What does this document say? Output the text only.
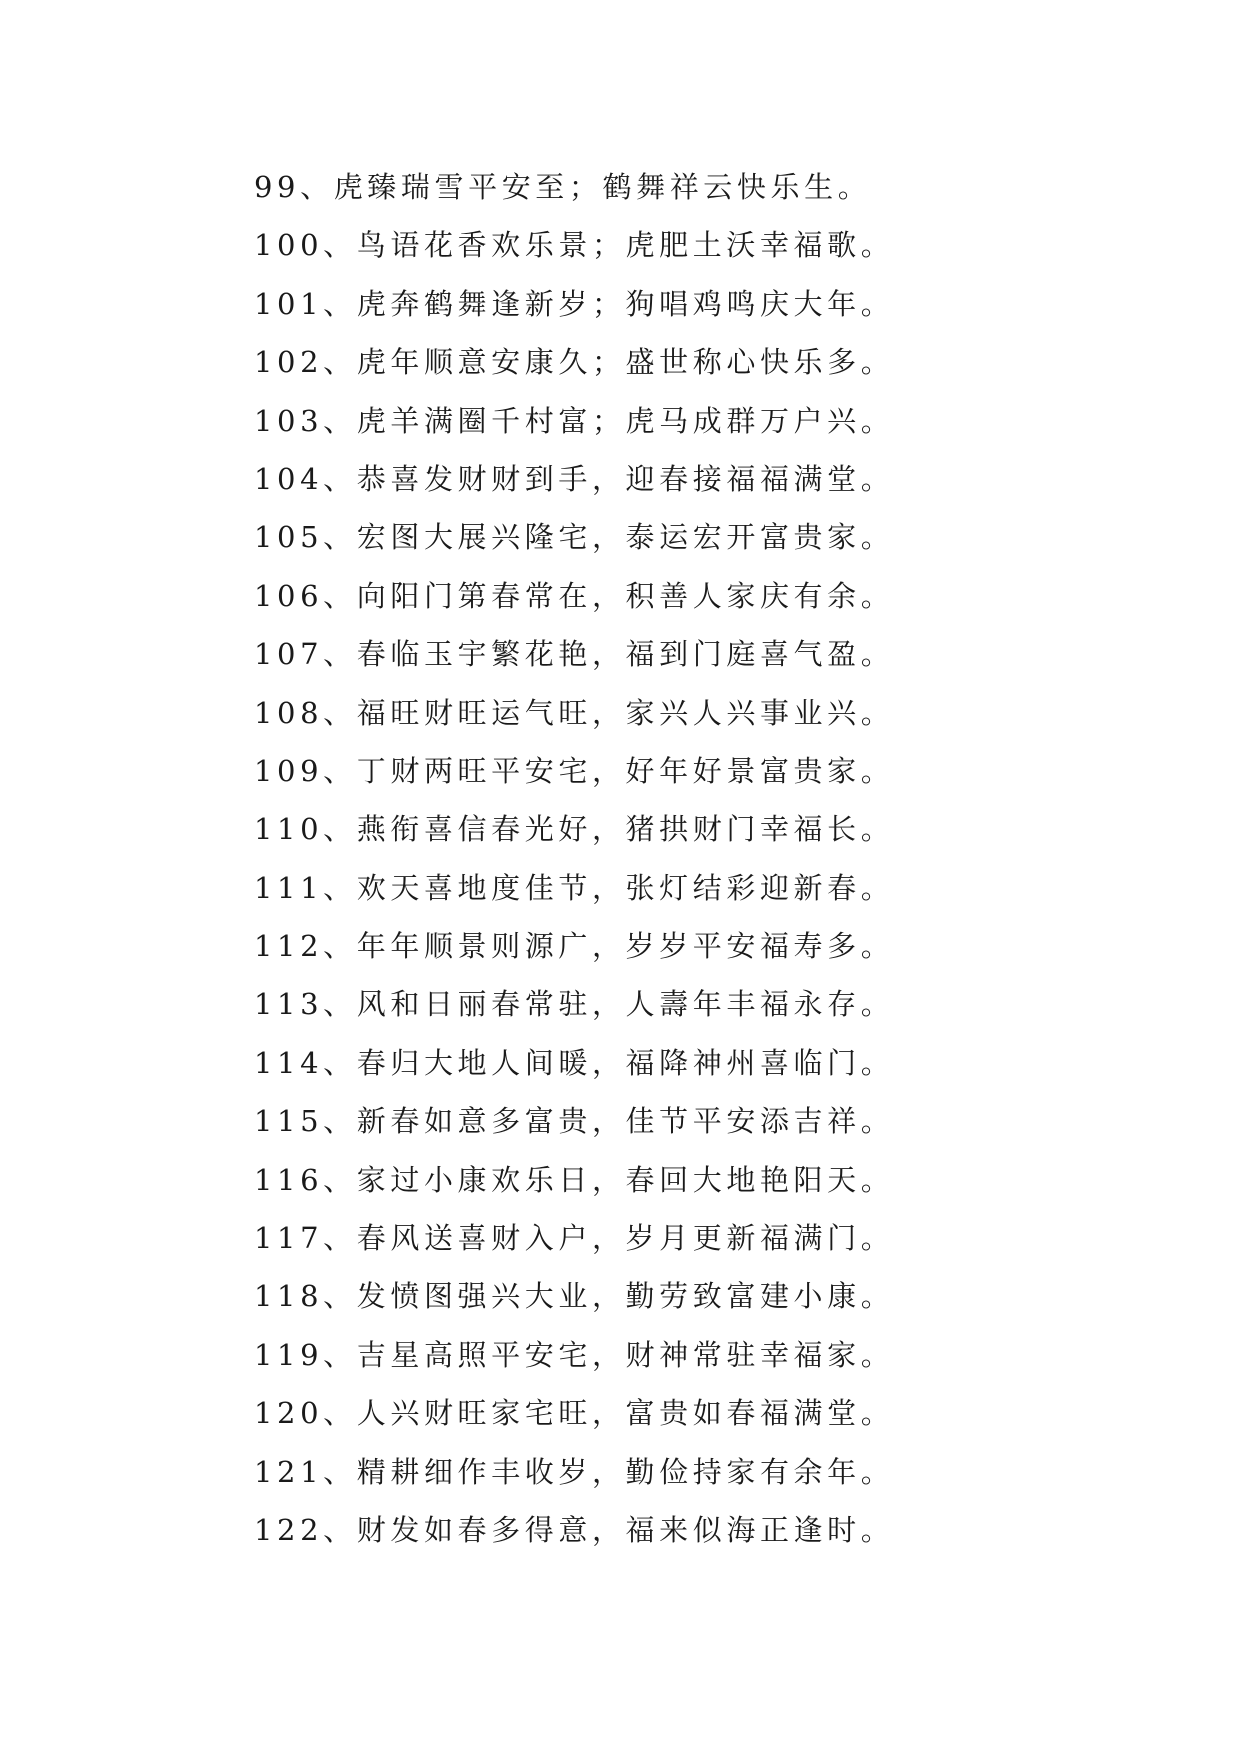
99、虎臻瑞雪平安至；鹤舞祥云快乐生。
100、鸟语花香欢乐景；虎肥土沃幸福歌。
101、虎奔鹤舞逢新岁；狗唱鸡鸣庆大年。
102、虎年顺意安康久；盛世称心快乐多。
103、虎羊满圈千村富；虎马成群万户兴。
104、恭喜发财财到手，迎春接福福满堂。
105、宏图大展兴隆宅，泰运宏开富贵家。
106、向阳门第春常在，积善人家庆有余。
107、春临玉宇繁花艳，福到门庭喜气盈。
108、福旺财旺运气旺，家兴人兴事业兴。
109、丁财两旺平安宅，好年好景富贵家。
110、燕衔喜信春光好，猪拱财门幸福长。
111、欢天喜地度佳节，张灯结彩迎新春。
112、年年顺景则源广，岁岁平安福寿多。
113、风和日丽春常驻，人壽年丰福永存。
114、春归大地人间暖，福降神州喜临门。
115、新春如意多富贵，佳节平安添吉祥。
116、家过小康欢乐日，春回大地艳阳天。
117、春风送喜财入户，岁月更新福满门。
118、发愤图强兴大业，勤劳致富建小康。
119、吉星高照平安宅，财神常驻幸福家。
120、人兴财旺家宅旺，富贵如春福满堂。
121、精耕细作丰收岁，勤俭持家有余年。
122、财发如春多得意，福来似海正逢时。
